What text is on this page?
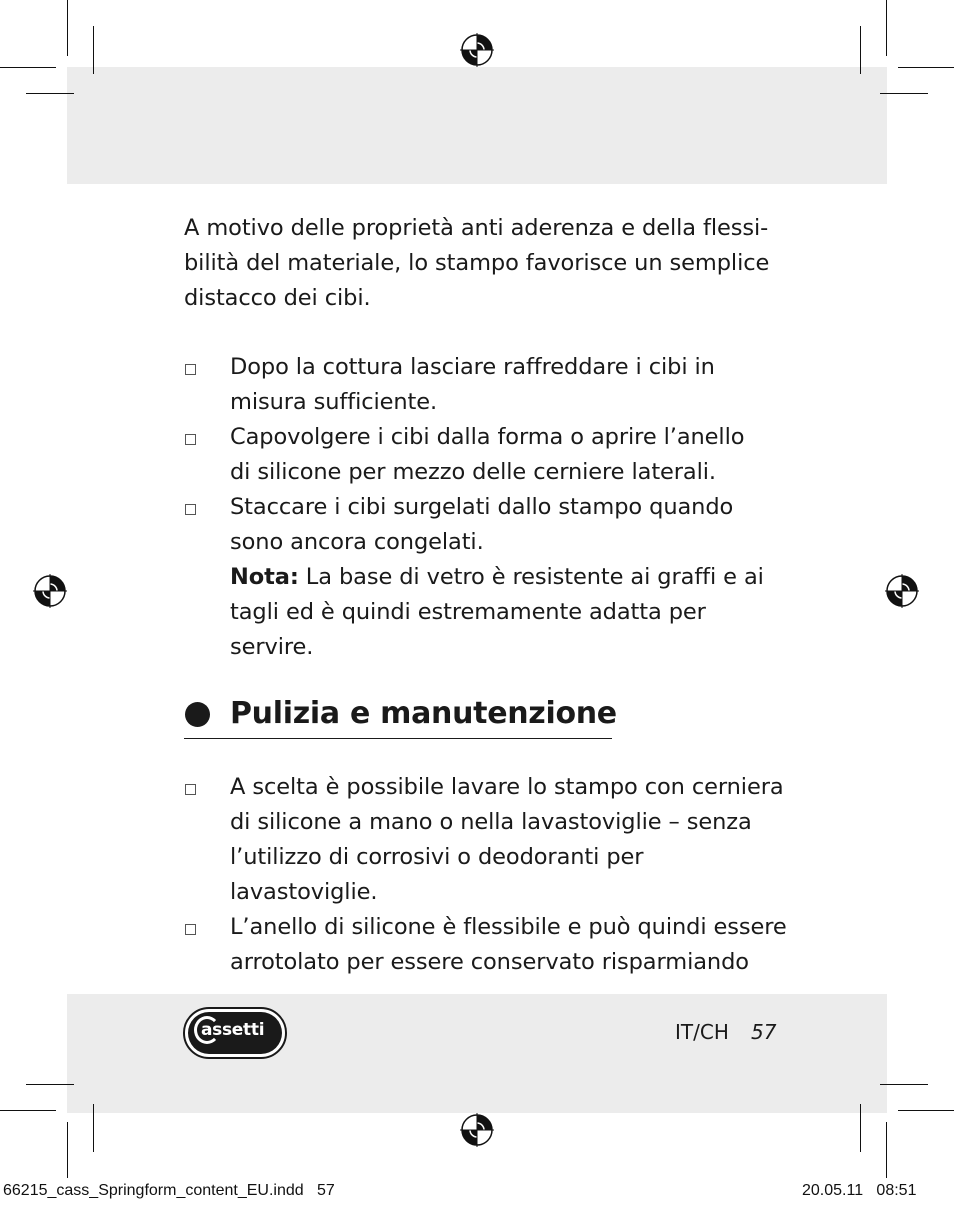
A motivo delle proprietà anti aderenza e della flessi-
bilità del materiale, lo stampo favorisce un semplice
distacco dei cibi.
Dopo la cottura lasciare raffreddare i cibi in
misura sufficiente.
Capovolgere i cibi dalla forma o aprire l’anello
di silicone per mezzo delle cerniere laterali.
Staccare i cibi surgelati dallo stampo quando
sono ancora congelati.
Nota: La base di vetro è resistente ai graffi e ai
tagli ed è quindi estremamente adatta per servire.
Pulizia e manutenzione
A scelta è possibile lavare lo stampo con cerniera
di silicone a mano o nella lavastoviglie – senza
l’utilizzo di corrosivi o deodoranti per lavastoviglie.
L’anello di silicone è flessibile e può quindi essere
arrotolato per essere conservato risparmiando
assetti	IT/CH 57
66215_cass_Springform_content_EU.indd   57	20.05.11   08:51
